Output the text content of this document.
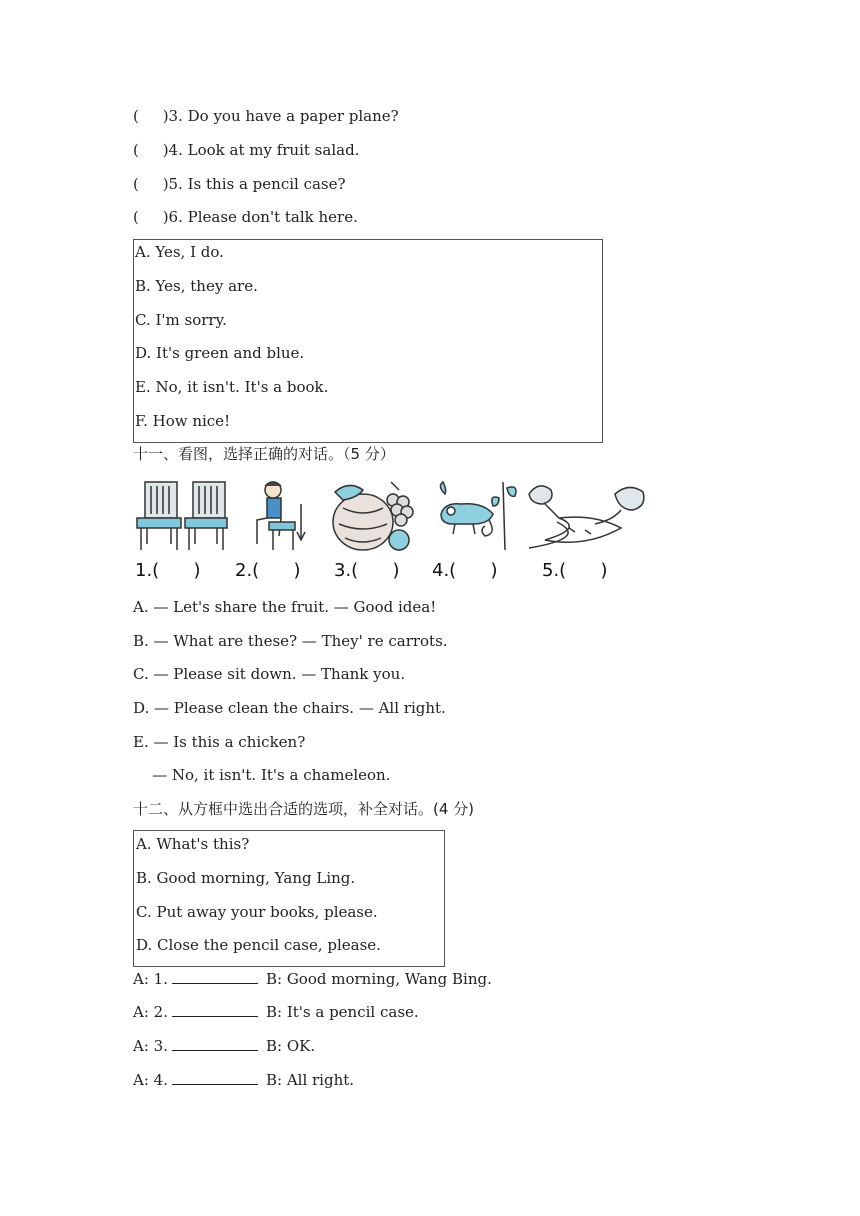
(     )3. Do you have a paper plane?
(     )4. Look at my fruit salad.
(     )5. Is this a pencil case?
(     )6. Please don't talk here.
A. Yes, I do.
B. Yes, they are.
C. I'm sorry.
D. It's green and blue.
E. No, it isn't. It's a book.
F. How nice!
十一、看图，选择正确的对话。（5 分）
1.(      ) 2.(      ) 3.(      ) 4.(      ) 5.(      )
A. — Let's share the fruit. — Good idea!
B. — What are these? — They' re carrots.
C. — Please sit down. — Thank you.
D. — Please clean the chairs. — All right.
E. — Is this a chicken?
— No, it isn't. It's a chameleon.
十二、从方框中选出合适的选项，补全对话。(4 分)
A. What's this?
B. Good morning, Yang Ling.
C. Put away your books, please.
D. Close the pencil case, please.
A: 1.	B: Good morning, Wang Bing.
A: 2.	B: It's a pencil case.
A: 3.	B: OK.
A: 4.	B: All right.
